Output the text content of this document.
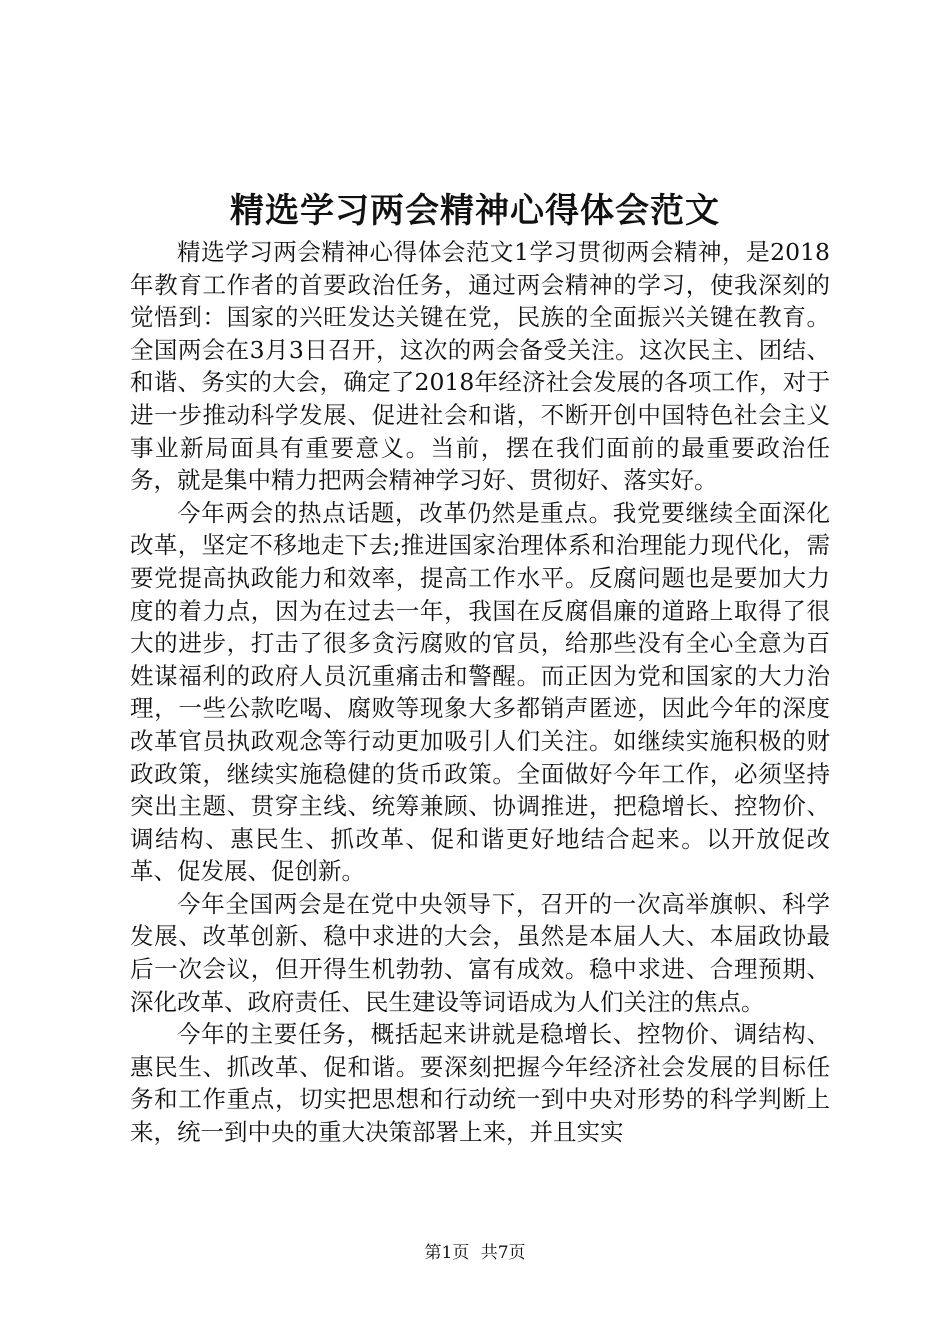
精选学习两会精神心得体会范文

精选学习两会精神心得体会范文1学习贯彻两会精神，是2018年教育工作者的首要政治任务，通过两会精神的学习，使我深刻的觉悟到：国家的兴旺发达关键在党，民族的全面振兴关键在教育。全国两会在3月3日召开，这次的两会备受关注。这次民主、团结、和谐、务实的大会，确定了2018年经济社会发展的各项工作，对于进一步推动科学发展、促进社会和谐，不断开创中国特色社会主义事业新局面具有重要意义。当前，摆在我们面前的最重要政治任务，就是集中精力把两会精神学习好、贯彻好、落实好。

今年两会的热点话题，改革仍然是重点。我党要继续全面深化改革，坚定不移地走下去;推进国家治理体系和治理能力现代化，需要党提高执政能力和效率，提高工作水平。反腐问题也是要加大力度的着力点，因为在过去一年，我国在反腐倡廉的道路上取得了很大的进步，打击了很多贪污腐败的官员，给那些没有全心全意为百姓谋福利的政府人员沉重痛击和警醒。而正因为党和国家的大力治理，一些公款吃喝、腐败等现象大多都销声匿迹，因此今年的深度改革官员执政观念等行动更加吸引人们关注。如继续实施积极的财政政策，继续实施稳健的货币政策。全面做好今年工作，必须坚持突出主题、贯穿主线、统筹兼顾、协调推进，把稳增长、控物价、调结构、惠民生、抓改革、促和谐更好地结合起来。以开放促改革、促发展、促创新。

今年全国两会是在党中央领导下，召开的一次高举旗帜、科学发展、改革创新、稳中求进的大会，虽然是本届人大、本届政协最后一次会议，但开得生机勃勃、富有成效。稳中求进、合理预期、深化改革、政府责任、民生建设等词语成为人们关注的焦点。

今年的主要任务，概括起来讲就是稳增长、控物价、调结构、惠民生、抓改革、促和谐。要深刻把握今年经济社会发展的目标任务和工作重点，切实把思想和行动统一到中央对形势的科学判断上来，统一到中央的重大决策部署上来，并且实实

第1页 共7页
